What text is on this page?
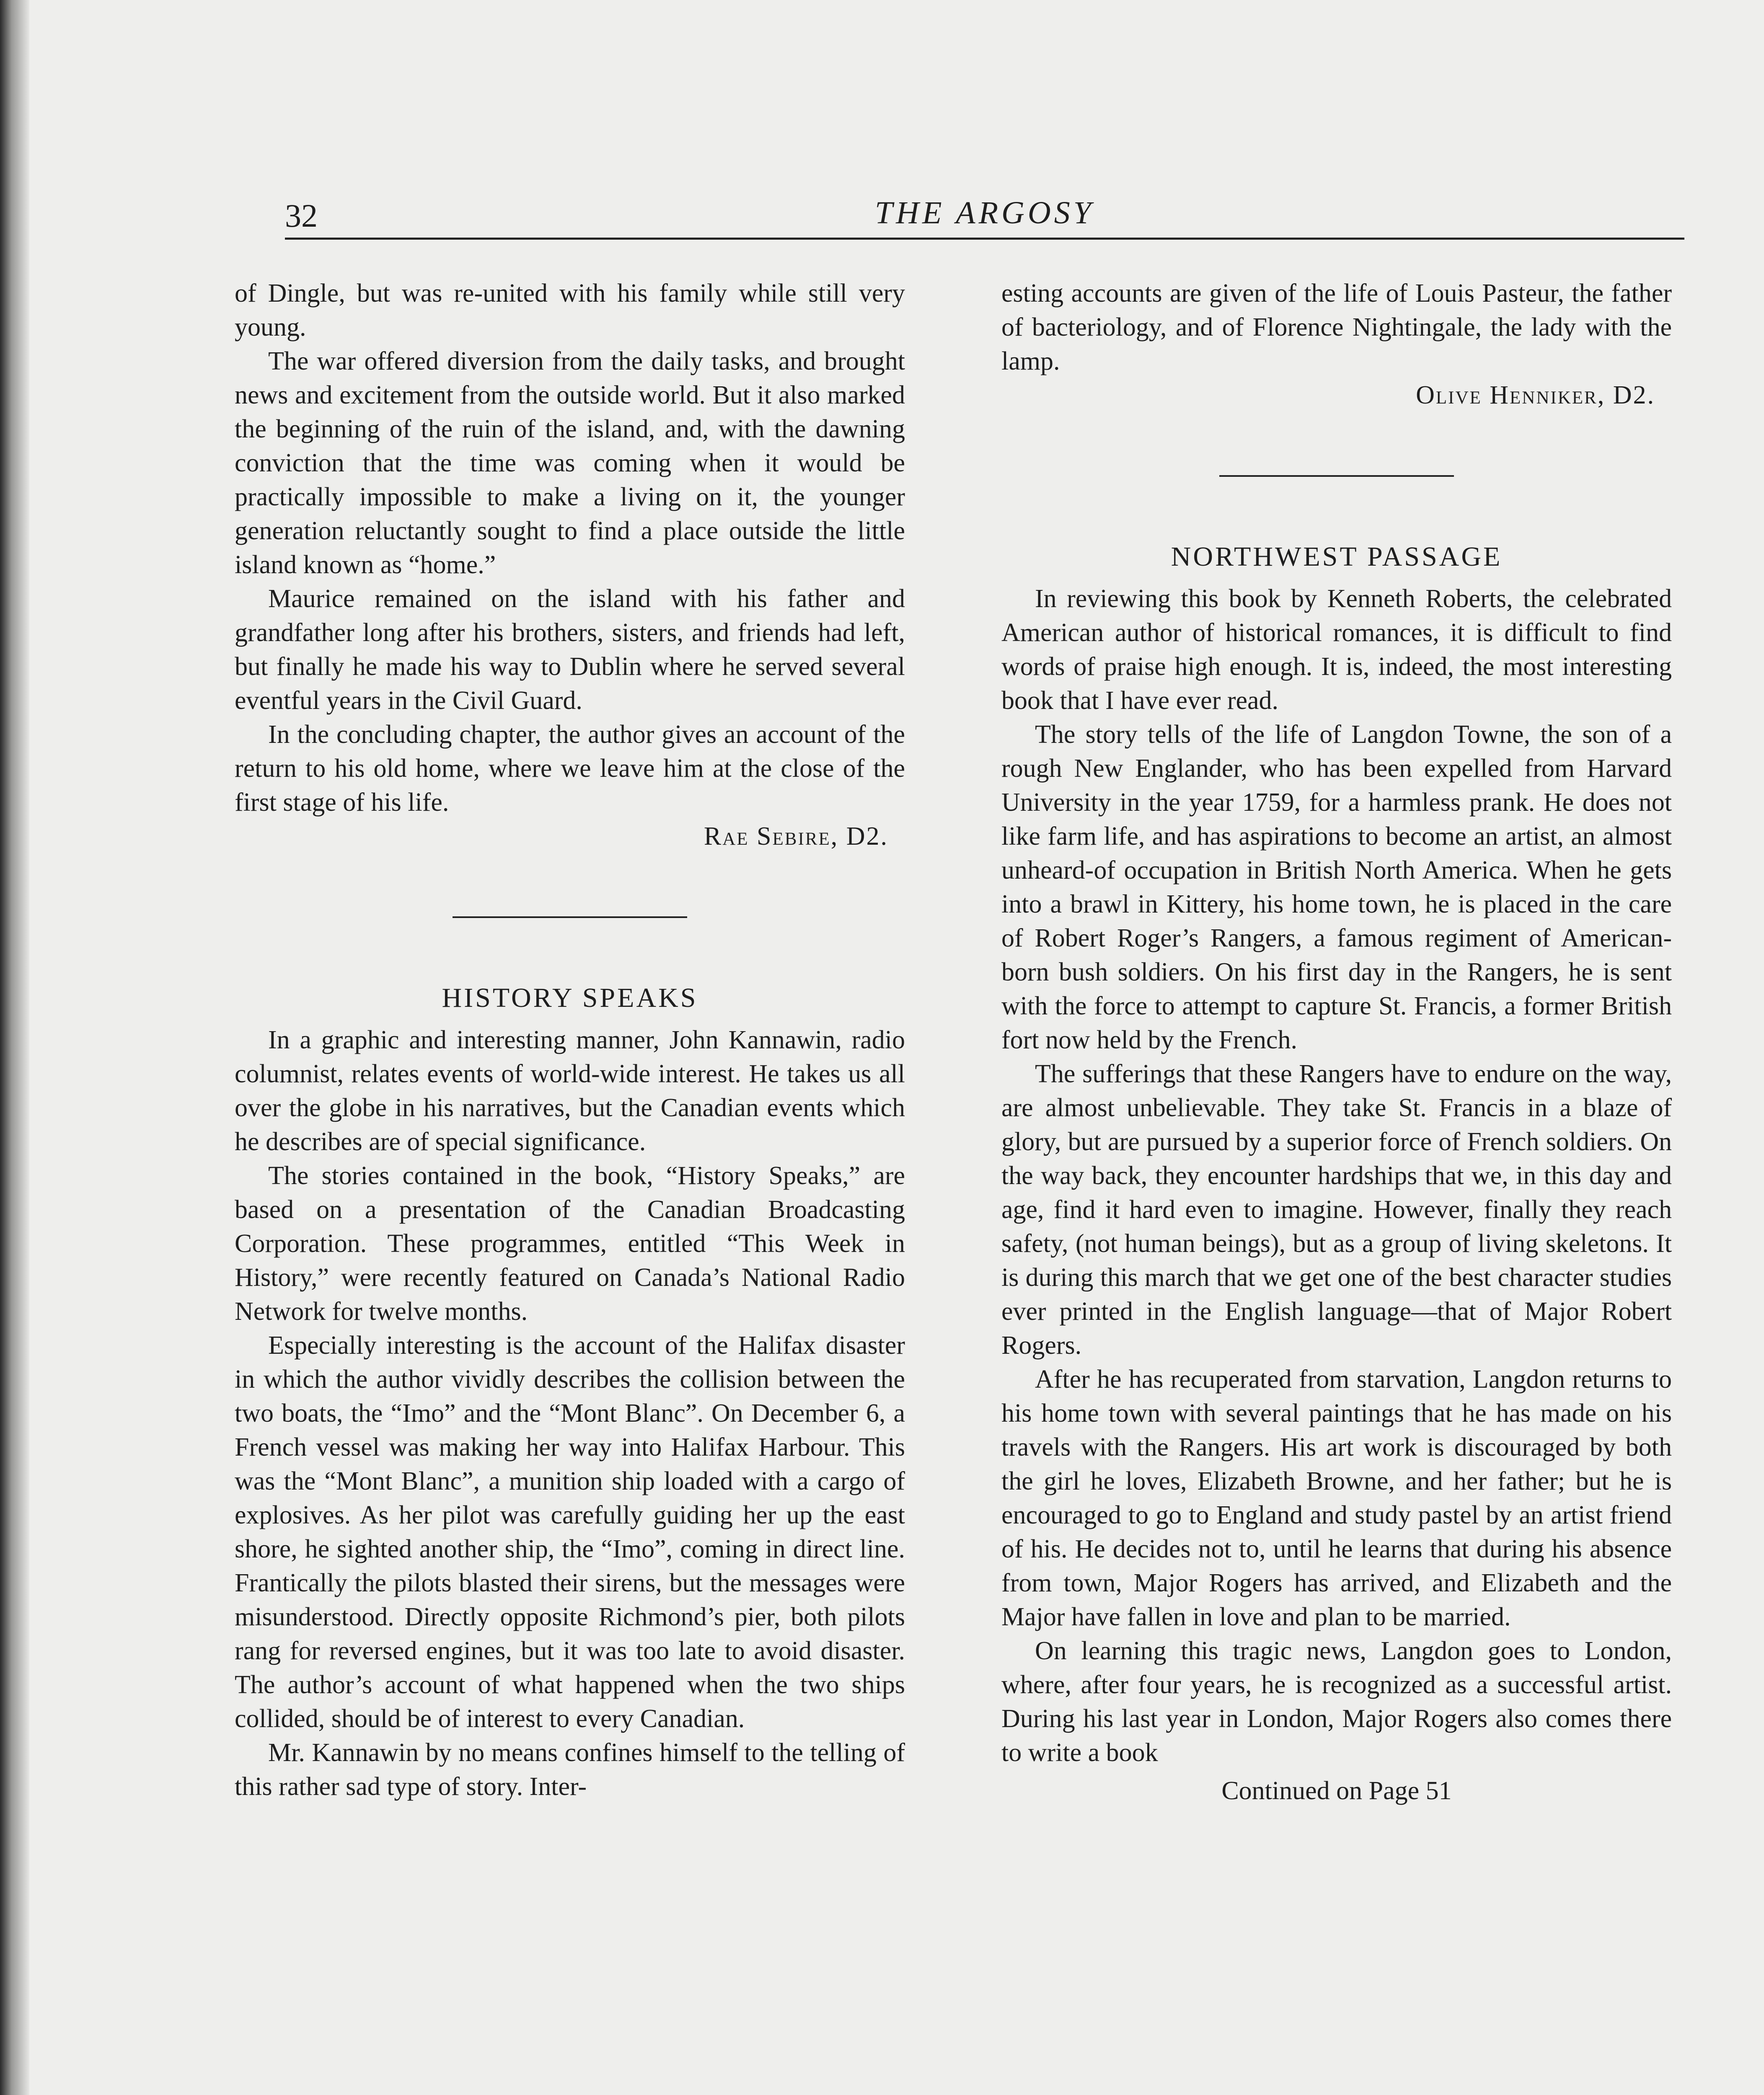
32	THE ARGOSY

of Dingle, but was re-united with his family while still very young.

The war offered diversion from the daily tasks, and brought news and excitement from the outside world. But it also marked the beginning of the ruin of the island, and, with the dawning conviction that the time was coming when it would be practically impossible to make a living on it, the younger generation reluctantly sought to find a place outside the little island known as “home.”

Maurice remained on the island with his father and grandfather long after his brothers, sisters, and friends had left, but finally he made his way to Dublin where he served several eventful years in the Civil Guard.

In the concluding chapter, the author gives an account of the return to his old home, where we leave him at the close of the first stage of his life.

Rae Sebire, D2.
HISTORY SPEAKS

In a graphic and interesting manner, John Kannawin, radio columnist, relates events of world-wide interest. He takes us all over the globe in his narratives, but the Canadian events which he describes are of special significance.

The stories contained in the book, “History Speaks,” are based on a presentation of the Canadian Broadcasting Corporation. These programmes, entitled “This Week in History,” were recently featured on Canada’s National Radio Network for twelve months.

Especially interesting is the account of the Halifax disaster in which the author vividly describes the collision between the two boats, the “Imo” and the “Mont Blanc”. On December 6, a French vessel was making her way into Halifax Harbour. This was the “Mont Blanc”, a munition ship loaded with a cargo of explosives. As her pilot was carefully guiding her up the east shore, he sighted another ship, the “Imo”, coming in direct line. Frantically the pilots blasted their sirens, but the messages were misunderstood. Directly opposite Richmond’s pier, both pilots rang for reversed engines, but it was too late to avoid disaster. The author’s account of what happened when the two ships collided, should be of interest to every Canadian.

Mr. Kannawin by no means confines himself to the telling of this rather sad type of story. Inter-

esting accounts are given of the life of Louis Pasteur, the father of bacteriology, and of Florence Nightingale, the lady with the lamp.

Olive Henniker, D2.
NORTHWEST PASSAGE

In reviewing this book by Kenneth Roberts, the celebrated American author of historical romances, it is difficult to find words of praise high enough. It is, indeed, the most interesting book that I have ever read.

The story tells of the life of Langdon Towne, the son of a rough New Englander, who has been expelled from Harvard University in the year 1759, for a harmless prank. He does not like farm life, and has aspirations to become an artist, an almost unheard-of occupation in British North America. When he gets into a brawl in Kittery, his home town, he is placed in the care of Robert Roger’s Rangers, a famous regiment of American-born bush soldiers. On his first day in the Rangers, he is sent with the force to attempt to capture St. Francis, a former British fort now held by the French.

The sufferings that these Rangers have to endure on the way, are almost unbelievable. They take St. Francis in a blaze of glory, but are pursued by a superior force of French soldiers. On the way back, they encounter hardships that we, in this day and age, find it hard even to imagine. However, finally they reach safety, (not human beings), but as a group of living skeletons. It is during this march that we get one of the best character studies ever printed in the English language—that of Major Robert Rogers.

After he has recuperated from starvation, Langdon returns to his home town with several paintings that he has made on his travels with the Rangers. His art work is discouraged by both the girl he loves, Elizabeth Browne, and her father; but he is encouraged to go to England and study pastel by an artist friend of his. He decides not to, until he learns that during his absence from town, Major Rogers has arrived, and Elizabeth and the Major have fallen in love and plan to be married.

On learning this tragic news, Langdon goes to London, where, after four years, he is recognized as a successful artist. During his last year in London, Major Rogers also comes there to write a book

Continued on Page 51
